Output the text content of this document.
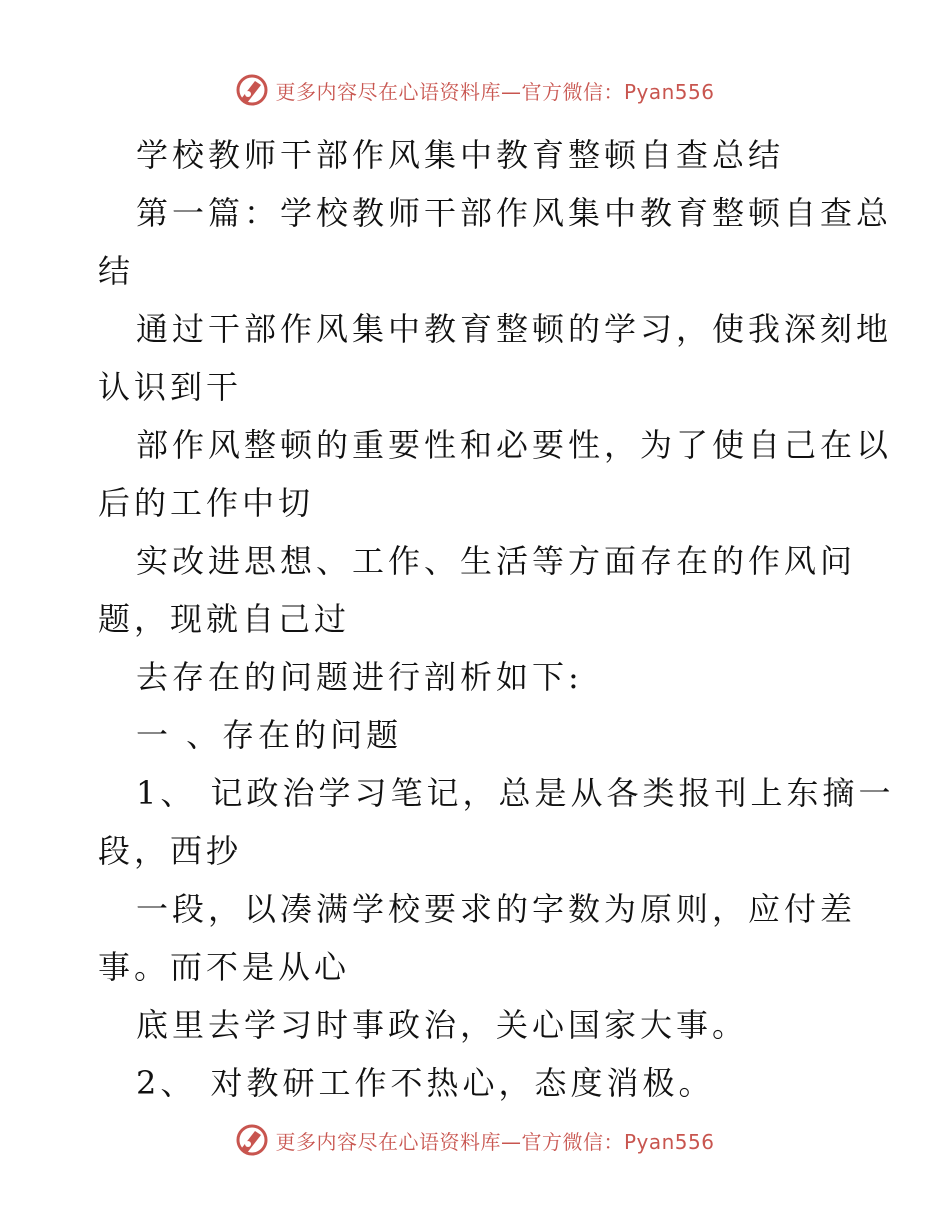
更多内容尽在心语资料库—官方微信：Pyan556
学校教师干部作风集中教育整顿自查总结
第一篇：学校教师干部作风集中教育整顿自查总
结
通过干部作风集中教育整顿的学习，使我深刻地
认识到干
部作风整顿的重要性和必要性，为了使自己在以
后的工作中切
实改进思想、工作、生活等方面存在的作风问
题，现就自己过
去存在的问题进行剖析如下:
一 、存在的问题
1、 记政治学习笔记，总是从各类报刊上东摘一
段，西抄
一段，以凑满学校要求的字数为原则，应付差
事。而不是从心
底里去学习时事政治，关心国家大事。
2、 对教研工作不热心，态度消极。
更多内容尽在心语资料库—官方微信：Pyan556
